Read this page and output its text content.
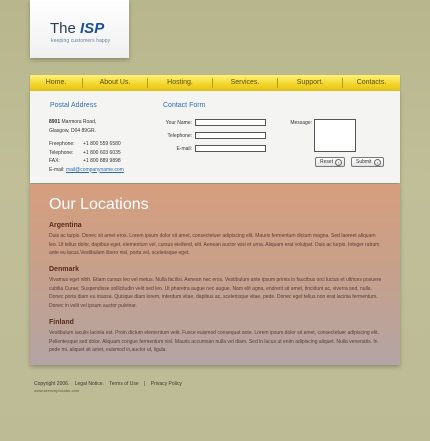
The ISP
keeping customers happy
Home.	About Us.	Hosting.	Services.	Support.	Contacts.
Postal Address
8901 Marmora Road,
Glasgow, D04 89GR.
Freephone: +1 800 559 6580
Telephone: +1 800 603 6035
FAX:	+1 800 889 9898
E-mail: mail@companyname.com
Contact Form
Your Name:
Telephone:
E-mail:
Message:
Reset	›	Submit	›
Our Locations
Argentina
Duis ac turpis. Donec sit amet eros. Lorem ipsum dolor sit amet, consectetuer adipiscing elit. Mauris fermentum dictum magna. Sed laoreet aliquam leo. Ut tellus dolor, dapibus eget, elementum vel, cursus eleifend, elit. Aenean auctor wisi et urna. Aliquam erat volutpat. Duis ac turpis. Integer rutrum ante eu lacus.Vestibulum libero nisl, porta vel, scelerisque eget.
Denmark
Vivamus eget nibh. Etiam cursus leo vel metus. Nulla facilisi. Aenean nec eros. Vestibulum ante ipsum primis in faucibus orci luctus et ultrices posuere cubilia Curae; Suspendisse sollicitudin velit sed leo. Ut pharetra augue nec augue. Nam elit agna, endrerit sit amet, tincidunt ac, viverra sed, nulla. Donec porta diam eu massa. Quisque diam lorem, interdum vitae, dapibus ac, scelerisque vitae, pede. Donec eget tellus non erat lacinia fermentum. Donec in velit vel ipsum auctor pulvinar.
Finland
Vestibulum iaculis lacinia est. Proin dictum elementum velit. Fusce euismod consequat ante. Lorem ipsum dolor sit amet, consectetuer adipiscing elit. Pellentesque sed dolor. Aliquam congue fermentum nisl. Mauris accumsan nulla vel diam. Sed in lacus ut enim adipiscing aliquet. Nulla venenatis. In pede mi, aliquet sit amet, euismod in,auctor ut, ligula.
Copyright 2006. Legal Notice. Terms of Use | Privacy Policy
www.serviceprovider.com
